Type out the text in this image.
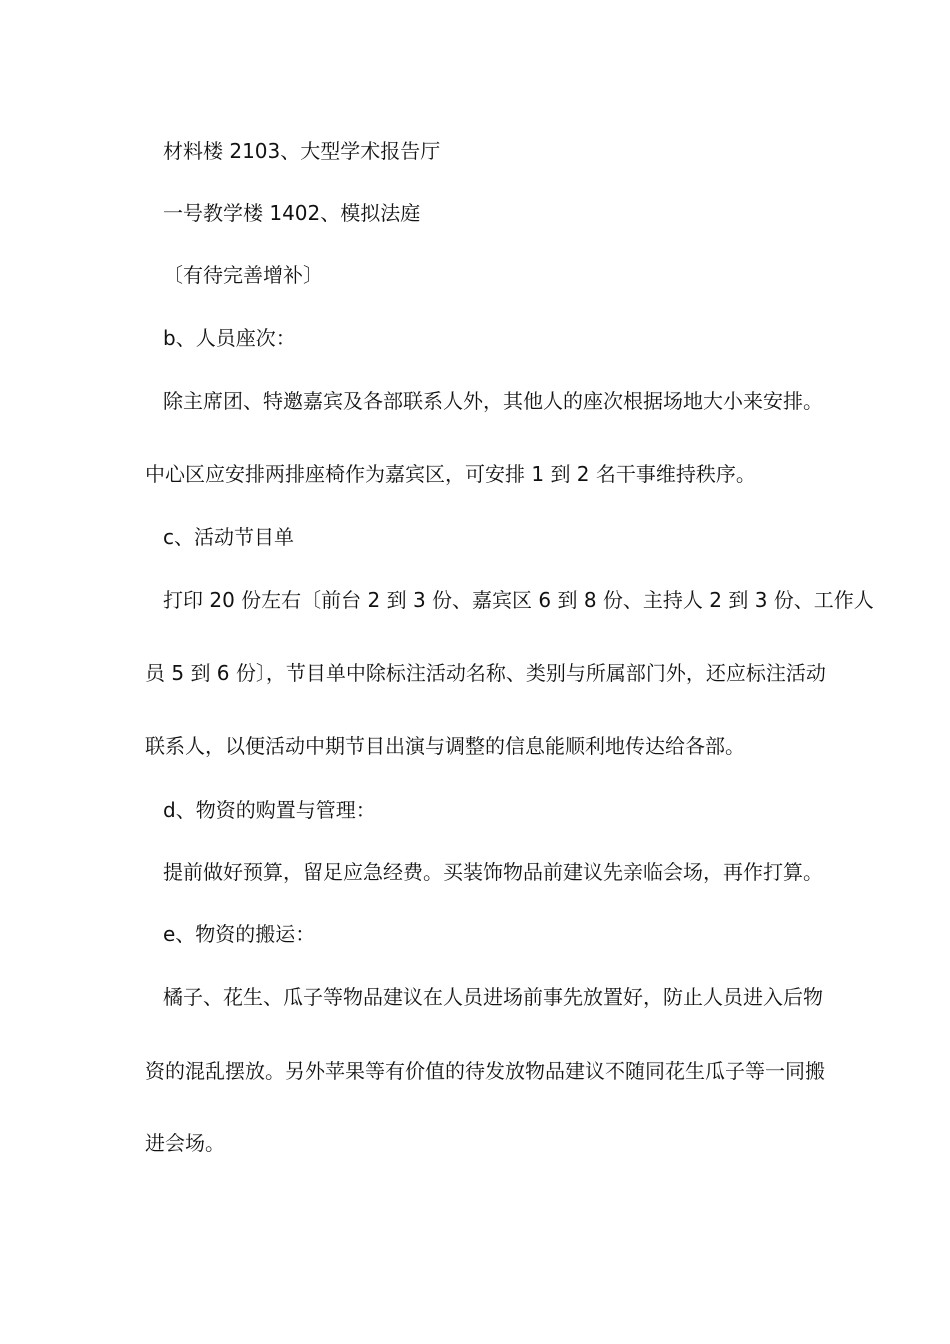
材料楼 2103、大型学术报告厅
一号教学楼 1402、模拟法庭
〔有待完善增补〕
b、人员座次：
除主席团、特邀嘉宾及各部联系人外，其他人的座次根据场地大小来安排。
中心区应安排两排座椅作为嘉宾区，可安排 1 到 2 名干事维持秩序。
c、活动节目单
打印 20 份左右〔前台 2 到 3 份、嘉宾区 6 到 8 份、主持人 2 到 3 份、工作人
员 5 到 6 份〕，节目单中除标注活动名称、类别与所属部门外，还应标注活动
联系人，以便活动中期节目出演与调整的信息能顺利地传达给各部。
d、物资的购置与管理：
提前做好预算，留足应急经费。买装饰物品前建议先亲临会场，再作打算。
e、物资的搬运：
橘子、花生、瓜子等物品建议在人员进场前事先放置好，防止人员进入后物
资的混乱摆放。另外苹果等有价值的待发放物品建议不随同花生瓜子等一同搬
进会场。
